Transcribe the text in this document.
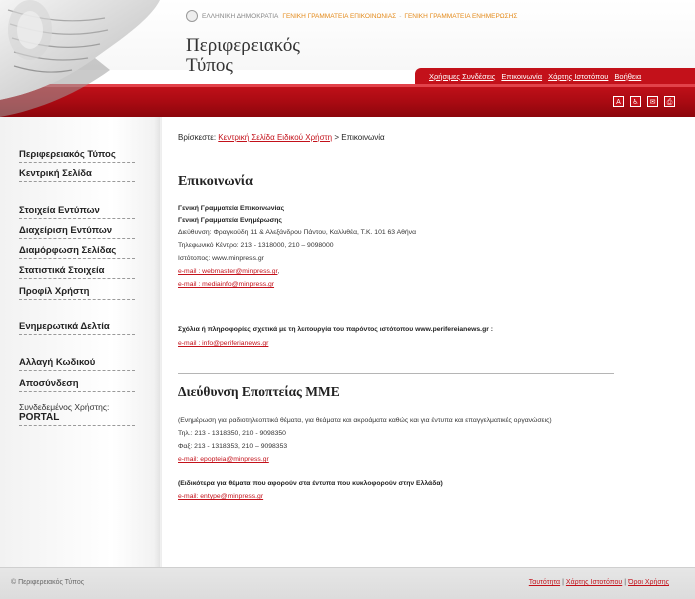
ΕΛΛΗΝΙΚΗ ΔΗΜΟΚΡΑΤΙΑ ΓΕΝΙΚΗ ΓΡΑΜΜΑΤΕΙΑ ΕΠΙΚΟΙΝΩΝΙΑΣ - ΓΕΝΙΚΗ ΓΡΑΜΜΑΤΕΙΑ ΕΝΗΜΕΡΩΣΗΣ
Περιφερειακός
Τύπος	Χρήσιμες Συνδέσεις Επικοινωνία Χάρτης Ιστοτόπου Βοήθεια
A	♿	✉	⎙
Περιφερειακός Τύπος
Κεντρική Σελίδα
Στοιχεία Εντύπων
Διαχείριση Εντύπων
Διαμόρφωση Σελίδας
Στατιστικά Στοιχεία
Προφίλ Χρήστη
Ενημερωτικά Δελτία
Αλλαγή Κωδικού
Αποσύνδεση
Συνδεδεμένος Χρήστης:
PORTAL
Βρίσκεστε: Κεντρική Σελίδα Ειδικού Χρήστη > Επικοινωνία
Επικοινωνία
Γενική Γραμματεία Επικοινωνίας
Γενική Γραμματεία Ενημέρωσης
Διεύθυνση: Φραγκούδη 11 & Αλεξάνδρου Πάντου, Καλλιθέα, Τ.Κ. 101 63 Αθήνα
Τηλεφωνικό Κέντρο: 213 - 1318000, 210 – 9098000
Ιστότοπος: www.minpress.gr
e-mail : webmaster@minpress.gr,
e-mail : mediainfo@minpress.gr
Σχόλια ή πληροφορίες σχετικά με τη λειτουργία του παρόντος ιστότοπου www.perifereianews.gr :
e-mail : info@periferianews.gr
Διεύθυνση Εποπτείας ΜΜΕ
(Ενημέρωση για ραδιοτηλεοπτικά θέματα, για θεάματα και ακροάματα καθώς και για έντυπα και επαγγελματικές οργανώσεις)
Τηλ.: 213 - 1318350, 210 - 9098350
Φαξ: 213 - 1318353, 210 – 9098353
e-mail: epopteia@minpress.gr
(Ειδικότερα για θέματα που αφορούν στα έντυπα που κυκλοφορούν στην Ελλάδα)
e-mail: entype@minpress.gr
© Περιφερειακός Τύπος	Ταυτότητα | Χάρτης Ιστοτόπου | Όροι Χρήσης
